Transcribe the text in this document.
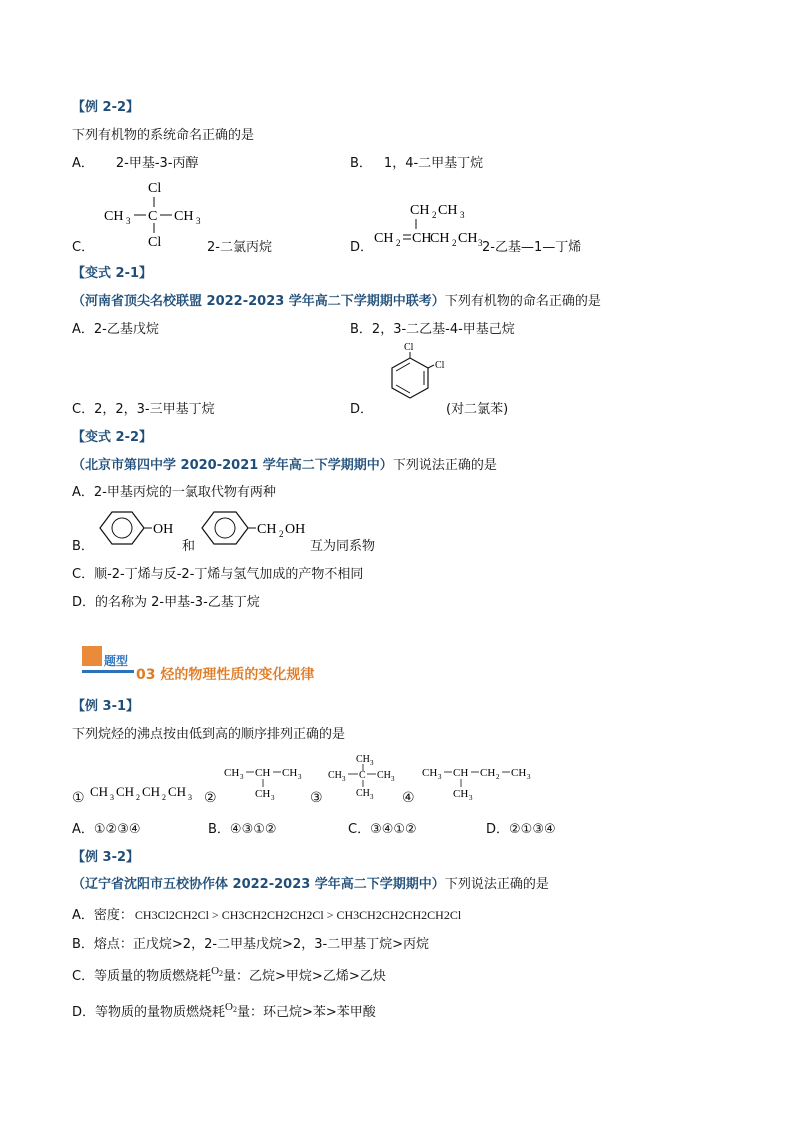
【例 2-2】
下列有机物的系统命名正确的是
A． 2-甲基-3-丙醇	B． 1，4-二甲基丁烷
C．
Cl
CH 3 C CH 3
Cl	2-二氯丙烷	D．
CH 2 CH 3
CH 2 CH
CH 2 CH 3 2-乙基—1—丁烯
【变式 2-1】
（河南省顶尖名校联盟 2022-2023 学年高二下学期期中联考）下列有机物的命名正确的是
A．2-乙基戊烷	B．2，3-二乙基-4-甲基己烷
C．2，2，3-三甲基丁烷	D．
Cl
Cl
(对二氯苯)
【变式 2-2】
（北京市第四中学 2020-2021 学年高二下学期期中）下列说法正确的是
A．2-甲基丙烷的一氯取代物有两种
B．
OH
和
CH 2 OH
互为同系物
C．顺-2-丁烯与反-2-丁烯与氢气加成的产物不相同
D．的名称为 2-甲基-3-乙基丁烷
题型
03 烃的物理性质的变化规律
【例 3-1】
下列烷烃的沸点按由低到高的顺序排列正确的是
① CH 3 CH 2 CH 2 CH 3 ②
CH 3 CH CH 3
CH 3	③
CH 3
CH 3 C CH 3
CH 3 ④
CH 3 CH CH 2 CH 3
CH 3
A．①②③④	B．④③①②	C．③④①②	D．②①③④
【例 3-2】
（辽宁省沈阳市五校协作体 2022-2023 学年高二下学期期中）下列说法正确的是
A．密度： CH3Cl2CH2Cl > CH3CH2CH2CH2Cl > CH3CH2CH2CH2CH2Cl
B．熔点：正戊烷>2，2-二甲基戊烷>2，3-二甲基丁烷>丙烷
C．等质量的物质燃烧耗$^{O2}$量：乙烷>甲烷>乙烯>乙炔
D．等物质的量物质燃烧耗$^{O2}$量：环己烷>苯>苯甲酸
